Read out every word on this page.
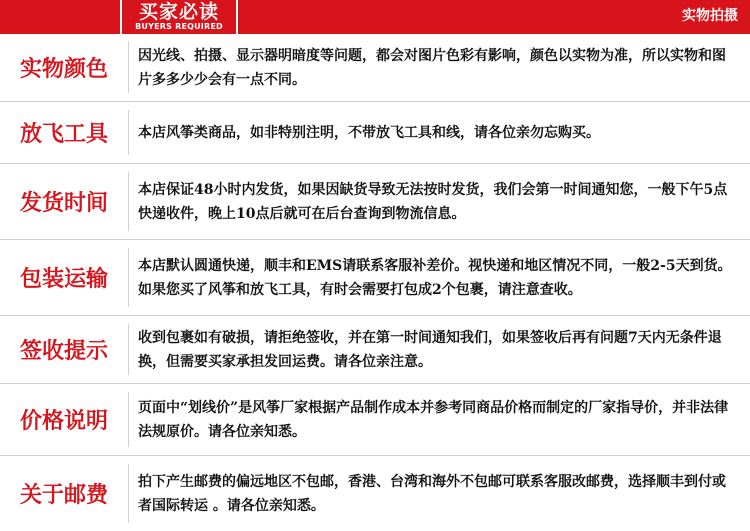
买家必读
BUYERS REQUIRED
实物拍摄
实物颜色
因光线、拍摄、显示器明暗度等问题，都会对图片色彩有影响，颜色以实物为准，所以实物和图片多多少少会有一点不同。
放飞工具	本店风筝类商品，如非特别注明，不带放飞工具和线，请各位亲勿忘购买。
发货时间
本店保证48小时内发货，如果因缺货导致无法按时发货，我们会第一时间通知您，一般下午5点快递收件，晚上10点后就可在后台查询到物流信息。
包装运输
本店默认圆通快递，顺丰和EMS请联系客服补差价。视快递和地区情况不同，一般2-5天到货。如果您买了风筝和放飞工具，有时会需要打包成2个包裹，请注意查收。
签收提示
收到包裹如有破损，请拒绝签收，并在第一时间通知我们，如果签收后再有问题7天内无条件退换，但需要买家承担发回运费。请各位亲注意。
价格说明
页面中“划线价”是风筝厂家根据产品制作成本并参考同商品价格而制定的厂家指导价，并非法律法规原价。请各位亲知悉。
关于邮费
拍下产生邮费的偏远地区不包邮，香港、台湾和海外不包邮可联系客服改邮费，选择顺丰到付或者国际转运 。请各位亲知悉。
